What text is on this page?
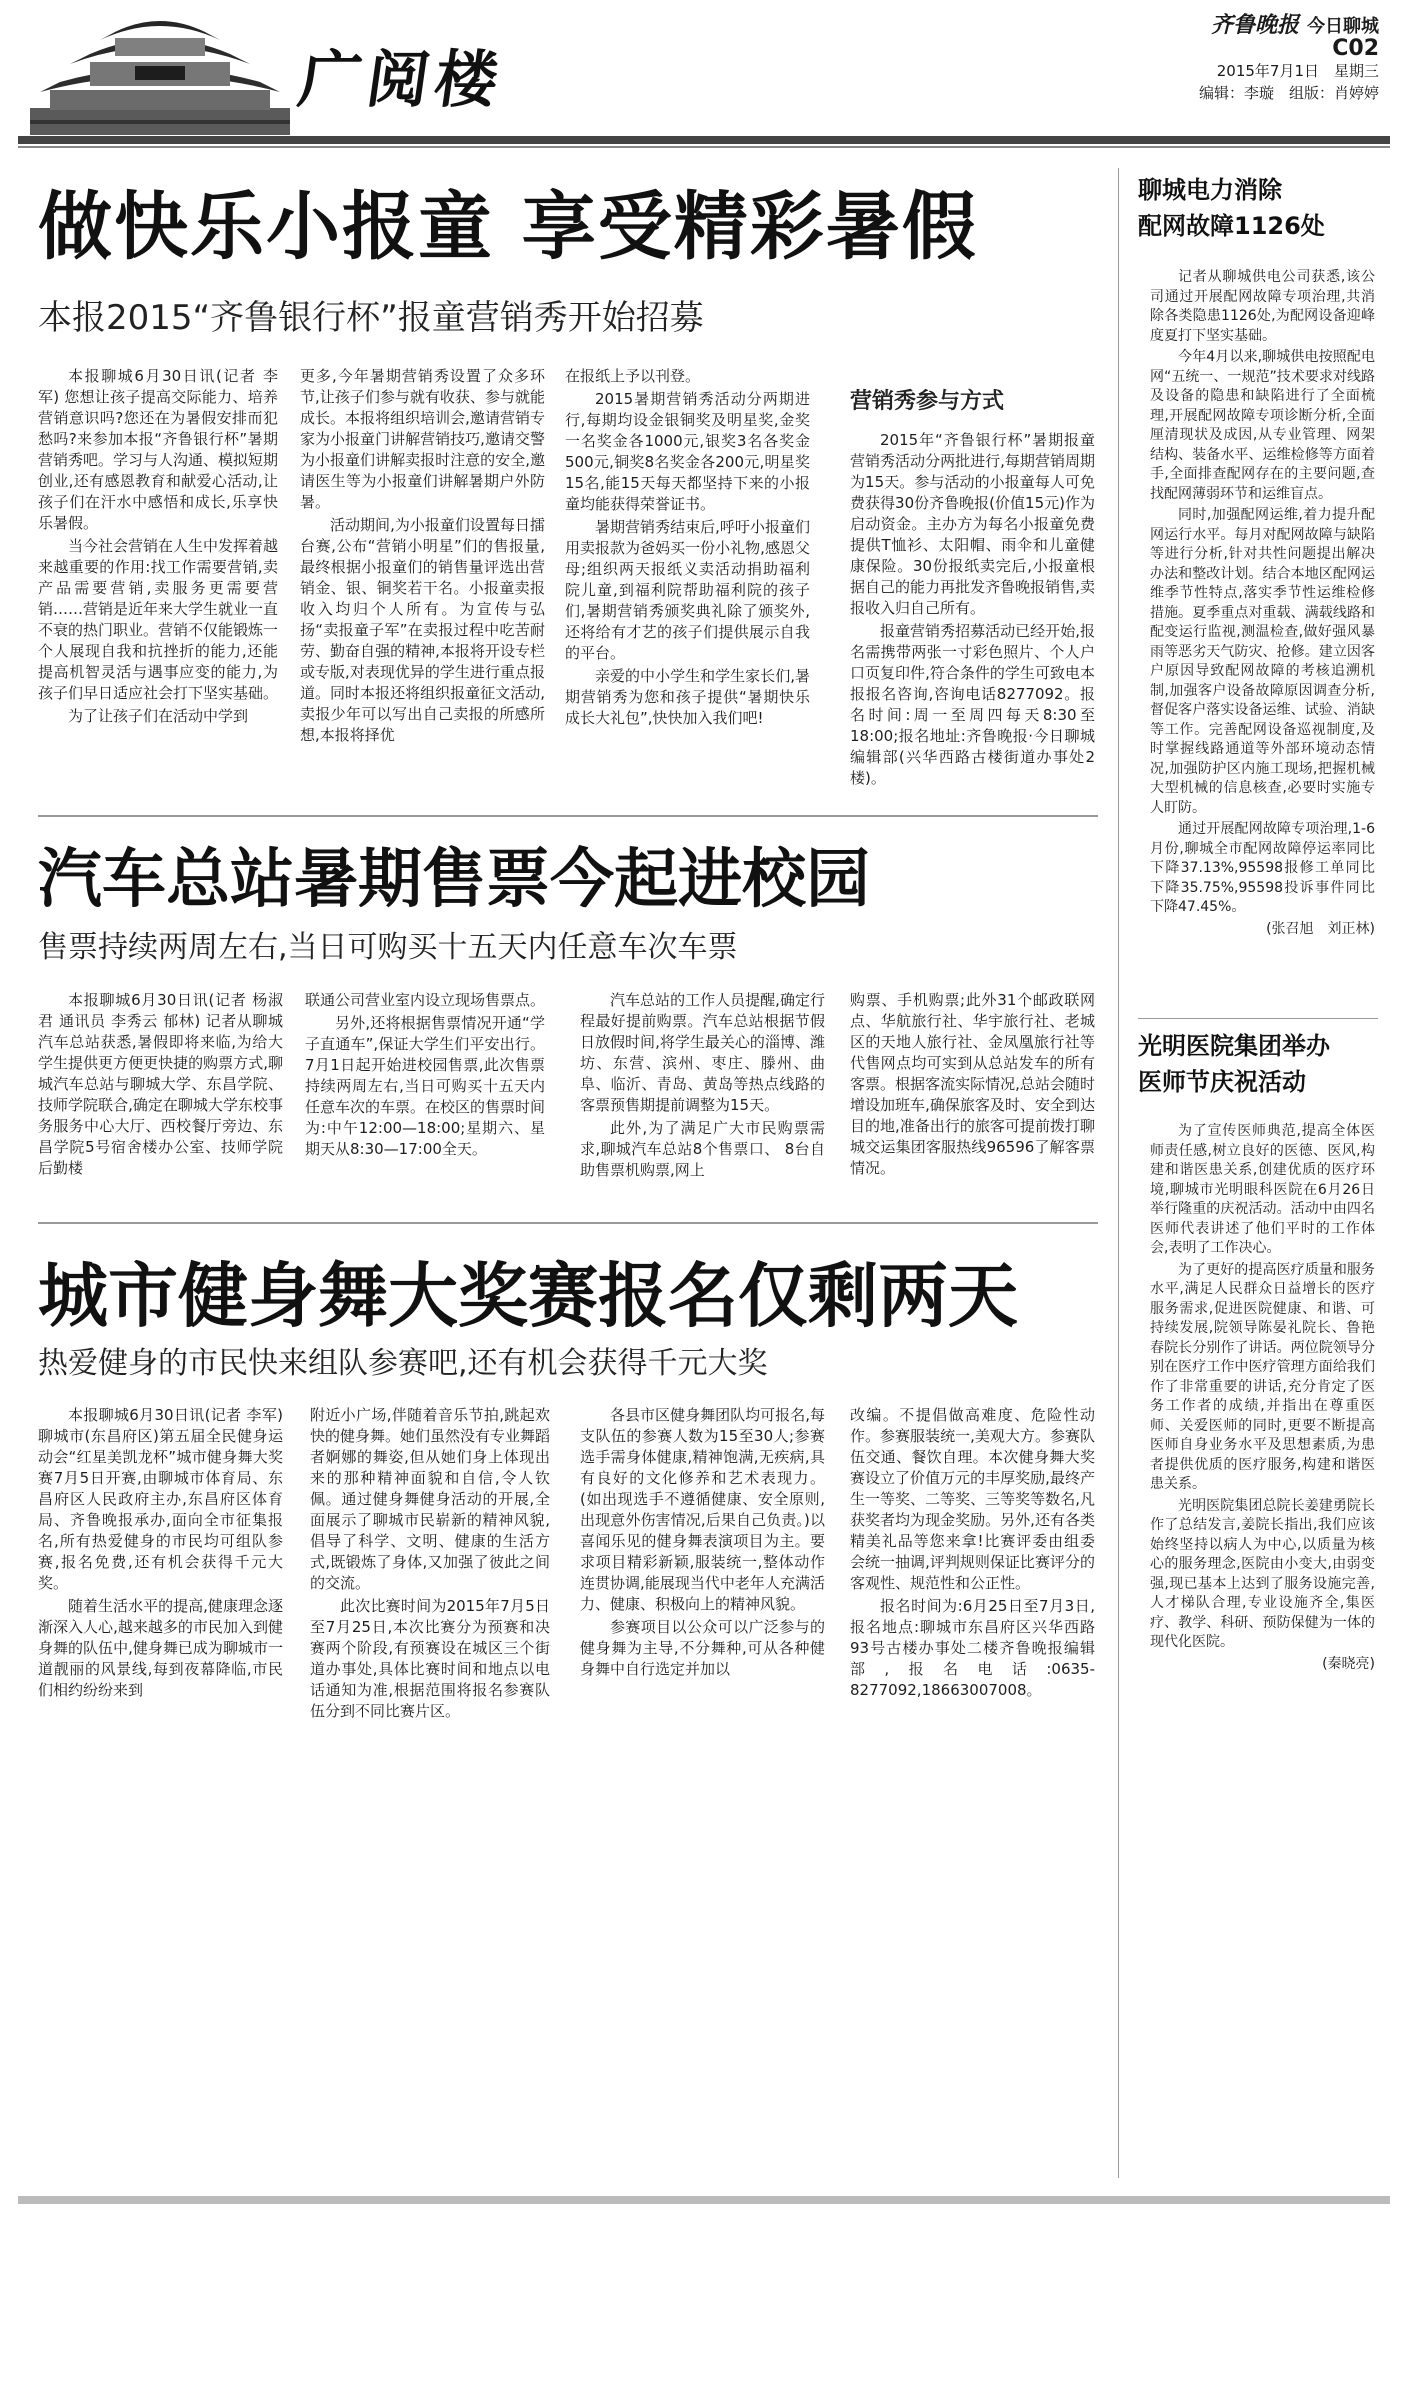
广阅楼
齐鲁晚报 今日聊城
C02
2015年7月1日　星期三
编辑：李璇　组版：肖婷婷
做快乐小报童 享受精彩暑假
本报2015“齐鲁银行杯”报童营销秀开始招募

本报聊城6月30日讯(记者 李军) 您想让孩子提高交际能力、培养营销意识吗?您还在为暑假安排而犯愁吗?来参加本报“齐鲁银行杯”暑期营销秀吧。学习与人沟通、模拟短期创业,还有感恩教育和献爱心活动,让孩子们在汗水中感悟和成长,乐享快乐暑假。

当今社会营销在人生中发挥着越来越重要的作用:找工作需要营销,卖产品需要营销,卖服务更需要营销……营销是近年来大学生就业一直不衰的热门职业。营销不仅能锻炼一个人展现自我和抗挫折的能力,还能提高机智灵活与遇事应变的能力,为孩子们早日适应社会打下坚实基础。

为了让孩子们在活动中学到

更多,今年暑期营销秀设置了众多环节,让孩子们参与就有收获、参与就能成长。本报将组织培训会,邀请营销专家为小报童门讲解营销技巧,邀请交警为小报童们讲解卖报时注意的安全,邀请医生等为小报童们讲解暑期户外防暑。

活动期间,为小报童们设置每日擂台赛,公布“营销小明星”们的售报量,最终根据小报童们的销售量评选出营销金、银、铜奖若干名。小报童卖报收入均归个人所有。为宣传与弘扬“卖报童子军”在卖报过程中吃苦耐劳、勤奋自强的精神,本报将开设专栏或专版,对表现优异的学生进行重点报道。同时本报还将组织报童征文活动,卖报少年可以写出自己卖报的所感所想,本报将择优

在报纸上予以刊登。

2015暑期营销秀活动分两期进行,每期均设金银铜奖及明星奖,金奖一名奖金各1000元,银奖3名各奖金500元,铜奖8名奖金各200元,明星奖15名,能15天每天都坚持下来的小报童均能获得荣誉证书。

暑期营销秀结束后,呼吁小报童们用卖报款为爸妈买一份小礼物,感恩父母;组织两天报纸义卖活动捐助福利院儿童,到福利院帮助福利院的孩子们,暑期营销秀颁奖典礼除了颁奖外,还将给有才艺的孩子们提供展示自我的平台。

亲爱的中小学生和学生家长们,暑期营销秀为您和孩子提供“暑期快乐成长大礼包”,快快加入我们吧!

营销秀参与方式

2015年“齐鲁银行杯”暑期报童营销秀活动分两批进行,每期营销周期为15天。参与活动的小报童每人可免费获得30份齐鲁晚报(价值15元)作为启动资金。主办方为每名小报童免费提供T恤衫、太阳帽、雨伞和儿童健康保险。30份报纸卖完后,小报童根据自己的能力再批发齐鲁晚报销售,卖报收入归自己所有。

报童营销秀招募活动已经开始,报名需携带两张一寸彩色照片、个人户口页复印件,符合条件的学生可致电本报报名咨询,咨询电话8277092。报名时间:周一至周四每天8:30至18:00;报名地址:齐鲁晚报·今日聊城编辑部(兴华西路古楼街道办事处2楼)。

汽车总站暑期售票今起进校园
售票持续两周左右,当日可购买十五天内任意车次车票

本报聊城6月30日讯(记者 杨淑君 通讯员 李秀云 郁林) 记者从聊城汽车总站获悉,暑假即将来临,为给大学生提供更方便更快捷的购票方式,聊城汽车总站与聊城大学、东昌学院、技师学院联合,确定在聊城大学东校事务服务中心大厅、西校餐厅旁边、东昌学院5号宿舍楼办公室、技师学院后勤楼

联通公司营业室内设立现场售票点。

另外,还将根据售票情况开通“学子直通车”,保证大学生们平安出行。7月1日起开始进校园售票,此次售票持续两周左右,当日可购买十五天内任意车次的车票。在校区的售票时间为:中午12:00—18:00;星期六、星期天从8:30—17:00全天。

汽车总站的工作人员提醒,确定行程最好提前购票。汽车总站根据节假日放假时间,将学生最关心的淄博、潍坊、东营、滨州、枣庄、滕州、曲阜、临沂、青岛、黄岛等热点线路的客票预售期提前调整为15天。

此外,为了满足广大市民购票需求,聊城汽车总站8个售票口、 8台自助售票机购票,网上

购票、手机购票;此外31个邮政联网点、华航旅行社、华宇旅行社、老城区的天地人旅行社、金凤凰旅行社等代售网点均可实到从总站发车的所有客票。根据客流实际情况,总站会随时增设加班车,确保旅客及时、安全到达目的地,准备出行的旅客可提前拨打聊城交运集团客服热线96596了解客票情况。

城市健身舞大奖赛报名仅剩两天
热爱健身的市民快来组队参赛吧,还有机会获得千元大奖

本报聊城6月30日讯(记者 李军) 聊城市(东昌府区)第五届全民健身运动会“红星美凯龙杯”城市健身舞大奖赛7月5日开赛,由聊城市体育局、东昌府区人民政府主办,东昌府区体育局、齐鲁晚报承办,面向全市征集报名,所有热爱健身的市民均可组队参赛,报名免费,还有机会获得千元大奖。

随着生活水平的提高,健康理念逐渐深入人心,越来越多的市民加入到健身舞的队伍中,健身舞已成为聊城市一道靓丽的风景线,每到夜幕降临,市民们相约纷纷来到

附近小广场,伴随着音乐节拍,跳起欢快的健身舞。她们虽然没有专业舞蹈者婀娜的舞姿,但从她们身上体现出来的那种精神面貌和自信,令人钦佩。通过健身舞健身活动的开展,全面展示了聊城市民崭新的精神风貌,倡导了科学、文明、健康的生活方式,既锻炼了身体,又加强了彼此之间的交流。

此次比赛时间为2015年7月5日至7月25日,本次比赛分为预赛和决赛两个阶段,有预赛设在城区三个街道办事处,具体比赛时间和地点以电话通知为准,根据范围将报名参赛队伍分到不同比赛片区。

各县市区健身舞团队均可报名,每支队伍的参赛人数为15至30人;参赛选手需身体健康,精神饱满,无疾病,具有良好的文化修养和艺术表现力。(如出现选手不遵循健康、安全原则,出现意外伤害情况,后果自己负责。)以喜闻乐见的健身舞表演项目为主。要求项目精彩新颖,服装统一,整体动作连贯协调,能展现当代中老年人充满活力、健康、积极向上的精神风貌。

参赛项目以公众可以广泛参与的健身舞为主导,不分舞种,可从各种健身舞中自行选定并加以

改编。不提倡做高难度、危险性动作。参赛服装统一,美观大方。参赛队伍交通、餐饮自理。本次健身舞大奖赛设立了价值万元的丰厚奖励,最终产生一等奖、二等奖、三等奖等数名,凡获奖者均为现金奖励。另外,还有各类精美礼品等您来拿!比赛评委由组委会统一抽调,评判规则保证比赛评分的客观性、规范性和公正性。

报名时间为:6月25日至7月3日,报名地点:聊城市东昌府区兴华西路93号古楼办事处二楼齐鲁晚报编辑部,报名电话:0635-8277092,18663007008。

聊城电力消除
配网故障1126处

记者从聊城供电公司获悉,该公司通过开展配网故障专项治理,共消除各类隐患1126处,为配网设备迎峰度夏打下坚实基础。

今年4月以来,聊城供电按照配电网“五统一、一规范”技术要求对线路及设备的隐患和缺陷进行了全面梳理,开展配网故障专项诊断分析,全面厘清现状及成因,从专业管理、网架结构、装备水平、运维检修等方面着手,全面排查配网存在的主要问题,查找配网薄弱环节和运维盲点。

同时,加强配网运维,着力提升配网运行水平。每月对配网故障与缺陷等进行分析,针对共性问题提出解决办法和整改计划。结合本地区配网运维季节性特点,落实季节性运维检修措施。夏季重点对重载、满载线路和配变运行监视,测温检查,做好强风暴雨等恶劣天气防灾、抢修。建立因客户原因导致配网故障的考核追溯机制,加强客户设备故障原因调查分析,督促客户落实设备运维、试验、消缺等工作。完善配网设备巡视制度,及时掌握线路通道等外部环境动态情况,加强防护区内施工现场,把握机械大型机械的信息核查,必要时实施专人盯防。

通过开展配网故障专项治理,1-6月份,聊城全市配网故障停运率同比下降37.13%,95598报修工单同比下降35.75%,95598投诉事件同比下降47.45%。

(张召旭　刘正林)
光明医院集团举办
医师节庆祝活动

为了宣传医师典范,提高全体医师责任感,树立良好的医德、医风,构建和谐医患关系,创建优质的医疗环境,聊城市光明眼科医院在6月26日举行隆重的庆祝活动。活动中由四名医师代表讲述了他们平时的工作体会,表明了工作决心。

为了更好的提高医疗质量和服务水平,满足人民群众日益增长的医疗服务需求,促进医院健康、和谐、可持续发展,院领导陈晏礼院长、鲁艳春院长分别作了讲话。两位院领导分别在医疗工作中医疗管理方面给我们作了非常重要的讲话,充分肯定了医务工作者的成绩,并指出在尊重医师、关爱医师的同时,更要不断提高医师自身业务水平及思想素质,为患者提供优质的医疗服务,构建和谐医患关系。

光明医院集团总院长姜建勇院长作了总结发言,姜院长指出,我们应该始终坚持以病人为中心,以质量为核心的服务理念,医院由小变大,由弱变强,现已基本上达到了服务设施完善,人才梯队合理,专业设施齐全,集医疗、教学、科研、预防保健为一体的现代化医院。

(秦晓亮)
